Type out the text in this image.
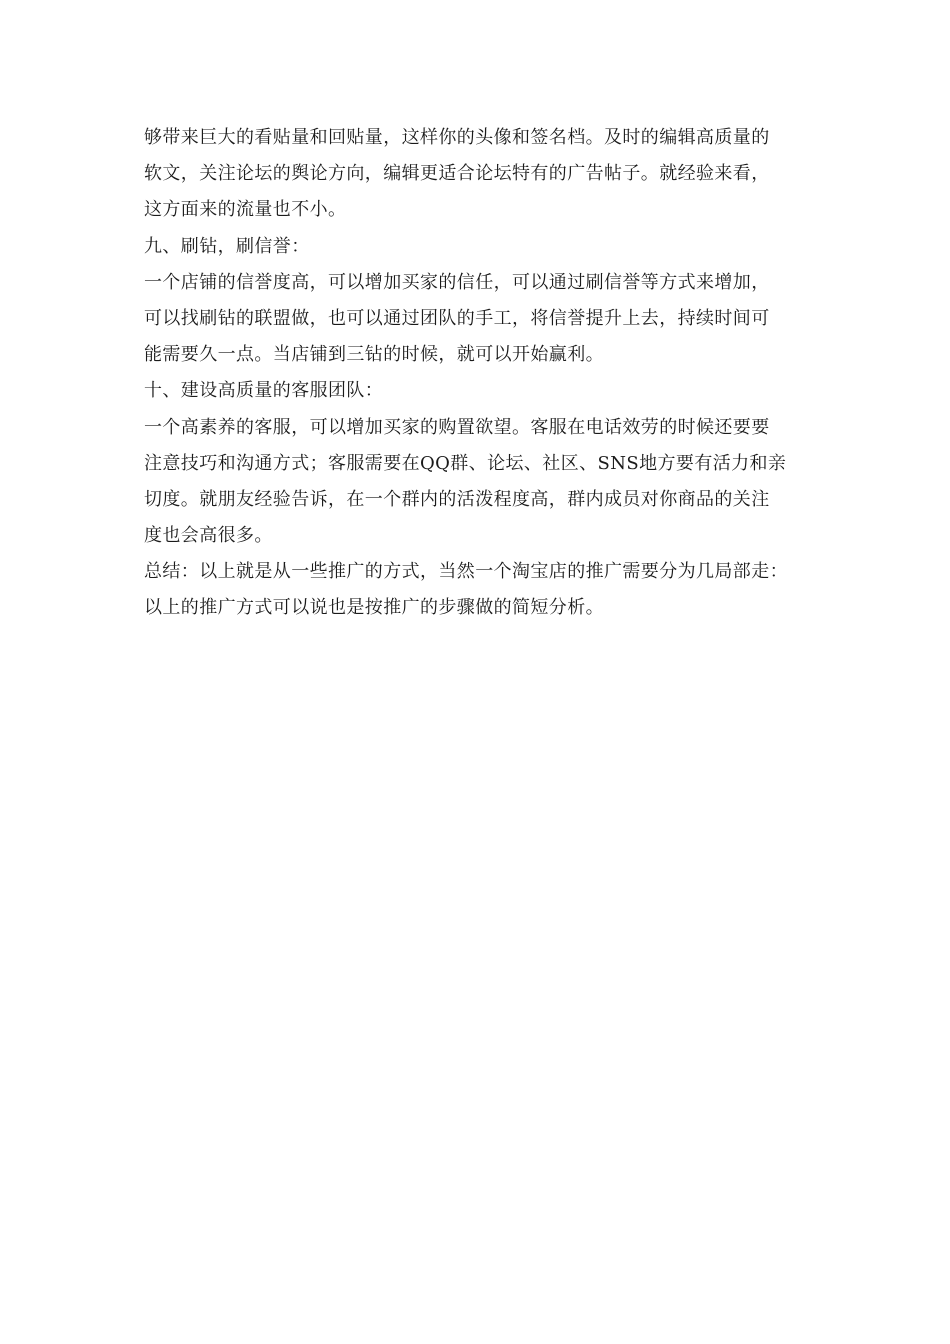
够带来巨大的看贴量和回贴量，这样你的头像和签名档。及时的编辑高质量的
软文，关注论坛的舆论方向，编辑更适合论坛特有的广告帖子。就经验来看，
这方面来的流量也不小。
九、刷钻，刷信誉：
一个店铺的信誉度高，可以增加买家的信任，可以通过刷信誉等方式来增加，
可以找刷钻的联盟做，也可以通过团队的手工，将信誉提升上去，持续时间可
能需要久一点。当店铺到三钻的时候，就可以开始赢利。
十、建设高质量的客服团队：
一个高素养的客服，可以增加买家的购置欲望。客服在电话效劳的时候还要要
注意技巧和沟通方式；客服需要在QQ群、论坛、社区、SNS地方要有活力和亲
切度。就朋友经验告诉，在一个群内的活泼程度高，群内成员对你商品的关注
度也会高很多。
总结：以上就是从一些推广的方式，当然一个淘宝店的推广需要分为几局部走：
以上的推广方式可以说也是按推广的步骤做的简短分析。
